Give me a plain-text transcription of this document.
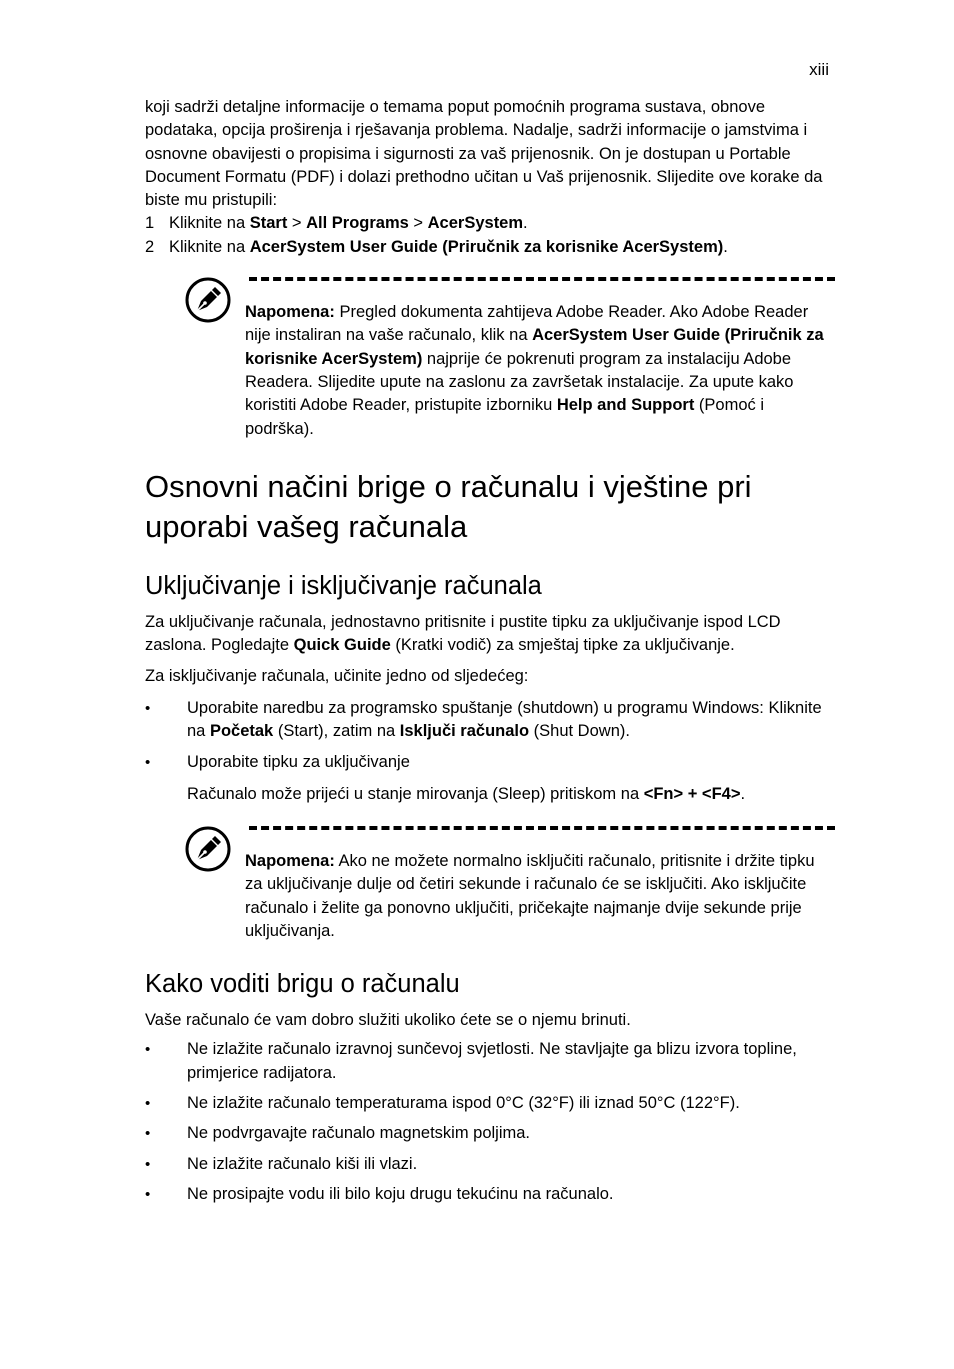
xiii

koji sadrži detaljne informacije o temama poput pomoćnih programa sustava, obnove podataka, opcija proširenja i rješavanja problema. Nadalje, sadrži informacije o jamstvima i osnovne obavijesti o propisima i sigurnosti za vaš prijenosnik. On je dostupan u Portable Document Formatu (PDF) i dolazi prethodno učitan u Vaš prijenosnik. Slijedite ove korake da biste mu pristupili:

1 Kliknite na Start > All Programs > AcerSystem.
2 Kliknite na AcerSystem User Guide (Priručnik za korisnike AcerSystem).

Napomena: Pregled dokumenta zahtijeva Adobe Reader. Ako Adobe Reader nije instaliran na vaše računalo, klik na AcerSystem User Guide (Priručnik za korisnike AcerSystem) najprije će pokrenuti program za instalaciju Adobe Readera. Slijedite upute na zaslonu za završetak instalacije. Za upute kako koristiti Adobe Reader, pristupite izborniku Help and Support (Pomoć i podrška).

Osnovni načini brige o računalu i vještine pri uporabi vašeg računala
Uključivanje i isključivanje računala

Za uključivanje računala, jednostavno pritisnite i pustite tipku za uključivanje ispod LCD zaslona. Pogledajte Quick Guide (Kratki vodič) za smještaj tipke za uključivanje.

Za isključivanje računala, učinite jedno od sljedećeg:

• Uporabite naredbu za programsko spuštanje (shutdown) u programu Windows: Kliknite na Početak (Start), zatim na Isključi računalo (Shut Down).
• Uporabite tipku za uključivanje

Računalo može prijeći u stanje mirovanja (Sleep) pritiskom na <Fn> + <F4>.

Napomena: Ako ne možete normalno isključiti računalo, pritisnite i držite tipku za uključivanje dulje od četiri sekunde i računalo će se isključiti. Ako isključite računalo i želite ga ponovno uključiti, pričekajte najmanje dvije sekunde prije uključivanja.

Kako voditi brigu o računalu

Vaše računalo će vam dobro služiti ukoliko ćete se o njemu brinuti.

• Ne izlažite računalo izravnoj sunčevoj svjetlosti. Ne stavljajte ga blizu izvora topline, primjerice radijatora.
• Ne izlažite računalo temperaturama ispod 0°C (32°F) ili iznad 50°C (122°F).
• Ne podvrgavajte računalo magnetskim poljima.
• Ne izlažite računalo kiši ili vlazi.
• Ne prosipajte vodu ili bilo koju drugu tekućinu na računalo.
